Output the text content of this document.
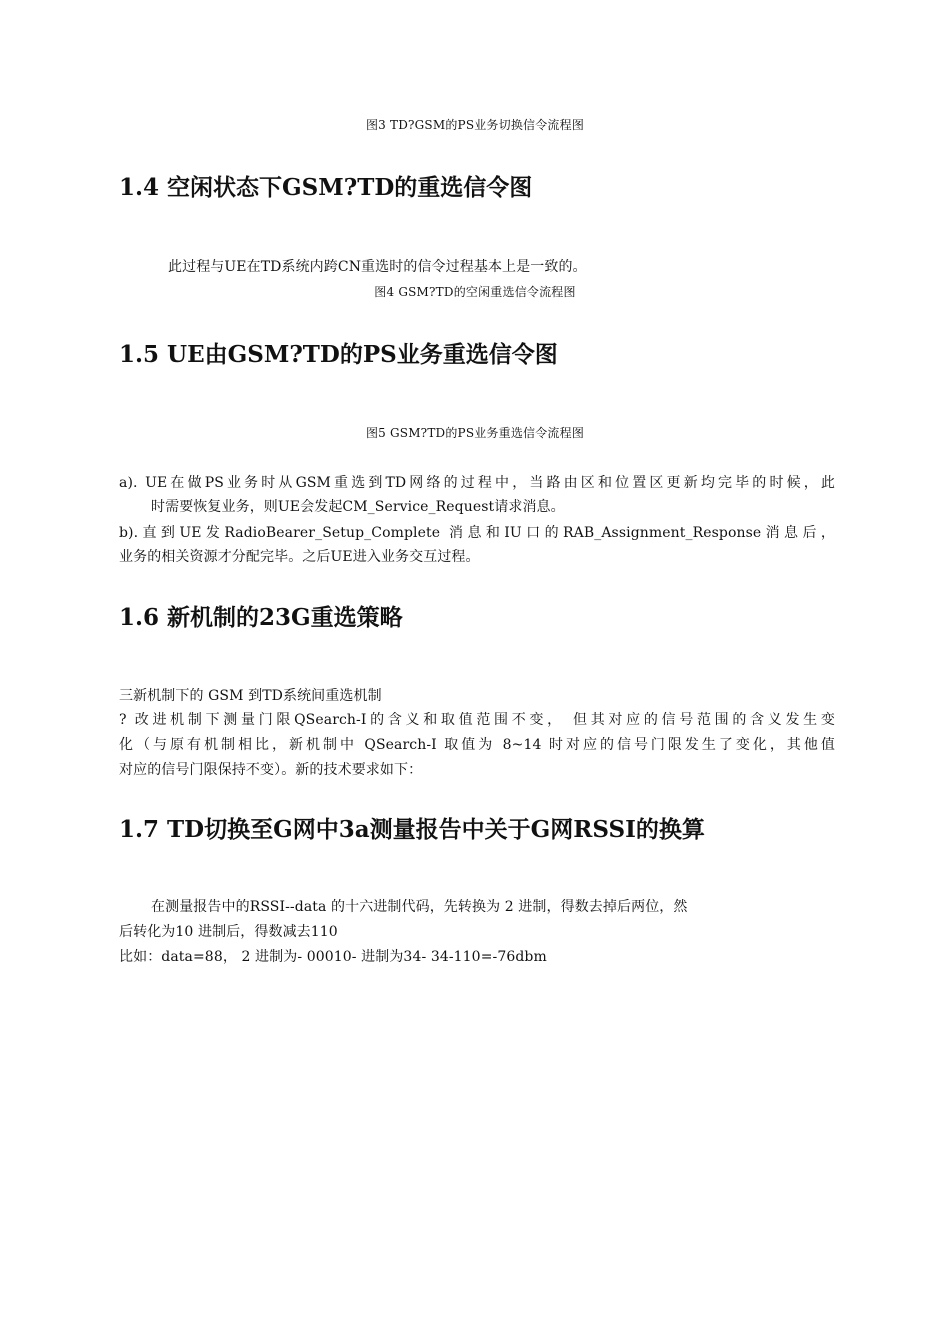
图3 TD?GSM的PS业务切换信令流程图
1.4 空闲状态下GSM?TD的重选信令图
此过程与UE在TD系统内跨CN重选时的信令过程基本上是一致的。
图4 GSM?TD的空闲重选信令流程图
1.5 UE由GSM?TD的PS业务重选信令图
图5 GSM?TD的PS业务重选信令流程图
a). UE在做PS业务时从GSM重选到TD网络的过程中，当路由区和位置区更新均完毕的时候，此
时需要恢复业务，则UE会发起CM_Service_Request请求消息。
b).直到UE发RadioBearer_Setup_Complete 消息和IU口的RAB_Assignment_Response消息后，
业务的相关资源才分配完毕。之后UE进入业务交互过程。
1.6 新机制的23G重选策略
三新机制下的 GSM 到TD系统间重选机制
? 改进机制下测量门限QSearch-I的含义和取值范围不变， 但其对应的信号范围的含义发生变
化（与原有机制相比，新机制中 QSearch-I 取值为 8~14 时对应的信号门限发生了变化，其他值
对应的信号门限保持不变）。新的技术要求如下：
1.7 TD切换至G网中3a测量报告中关于G网RSSI的换算
在测量报告中的RSSI--data 的十六进制代码，先转换为 2 进制，得数去掉后两位，然
后转化为10 进制后，得数减去110
比如：data=88， 2 进制为- 00010- 进制为34- 34-110=-76dbm
